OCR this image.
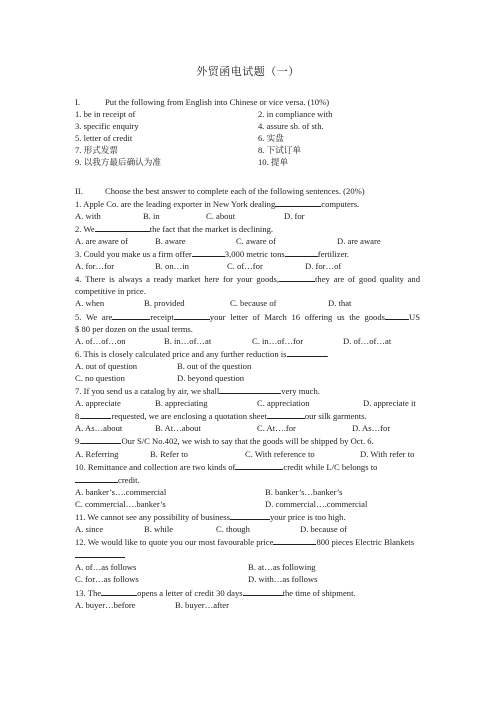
外贸函电试题（一）
I.	Put the following from English into Chinese or vice versa. (10%)
1. be in receipt of	2. in compliance with
3. specific enquiry	4. assure sb. of sth.
5. letter of credit	6. 实盘
7. 形式发票	8. 下试订单
9. 以我方最后确认为准	10. 提单
II.	Choose the best answer to complete each of the following sentences. (20%)
1. Apple Co. are the leading exporter in New York dealing	computers.
A. with	B. in	C. about	D. for
2. We	the fact that the market is declining.
A. are aware of	B. aware	C. aware of	D. are aware
3. Could you make us a firm offer	3,000 metric tons	fertilizer.
A. for…for	B. on…in	C. of…for	D. for…of
4. There is always a ready market here for your goods,	they are of good quality and
competitive in price.
A. when	B. provided	C. because of	D. that
5. We are	receipt	your letter of March 16 offering us the goods	US
$ 80 per dozen on the usual terms.
A. of…of…on	B. in…of…at	C. in…of…for	D. of…of…at
6. This is closely calculated price and any further reduction is	.
A. out of question	B. out of the question
C. no question	D. beyond question
7. If you send us a catalog by air, we shall	very much.
A. appreciate	B. appreciating	C. appreciation	D. appreciate it
8.	requested, we are enclosing a quotation sheet	our silk garments.
A. As…about	B. At…about	C. At….for	D. As…for
9.	Our S/C No.402, we wish to say that the goods will be shipped by Oct. 6.
A. Referring	B. Refer to	C. With reference to	D. With refer to
10. Remittance and collection are two kinds of	credit while L/C belongs to
credit.
A. banker’s….commercial	B. banker’s…banker’s
C. commercial….banker’s	D. commercial….commercial
11. We cannot see any possibility of business	your price is too high.
A. since	B. while	C. though	D. because of
12. We would like to quote you our most favourable price	800 pieces Electric Blankets
A. of…as follows	B. at…as following
C. for…as follows	D. with…as follows
13. The	opens a letter of credit 30 days	the time of shipment.
A. buyer…before	B. buyer…after
